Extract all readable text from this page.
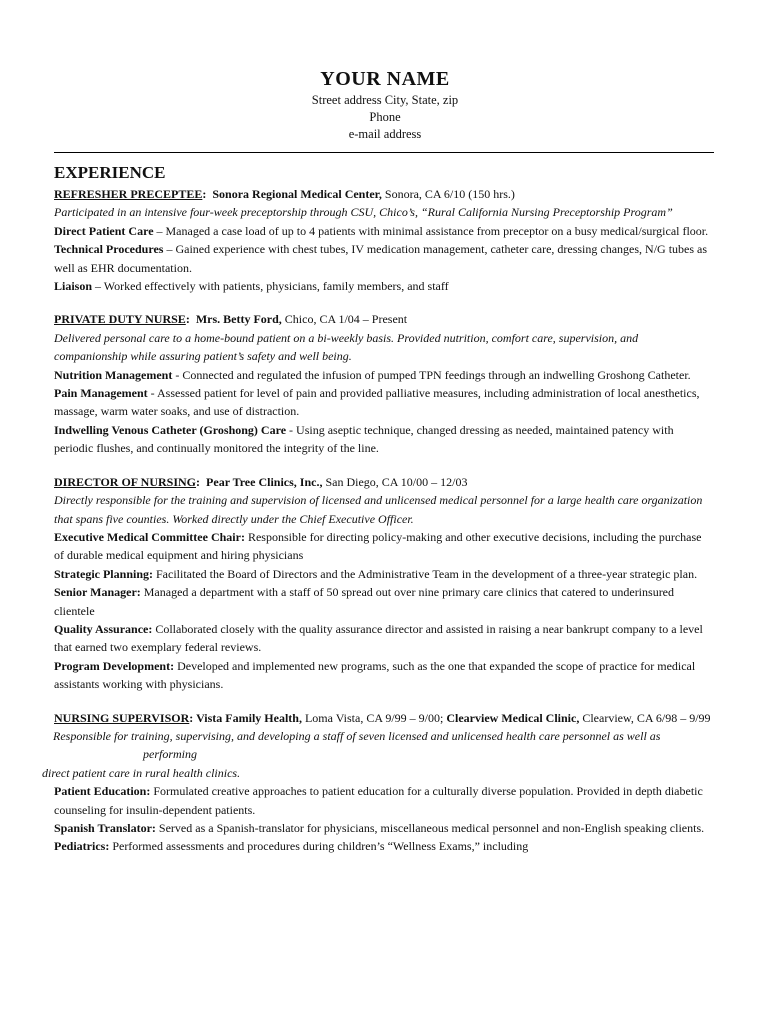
YOUR NAME
Street address City, State, zip
Phone
e-mail address
EXPERIENCE

REFRESHER PRECEPTEE:  Sonora Regional Medical Center, Sonora, CA 6/10 (150 hrs.)

Participated in an intensive four-week preceptorship through CSU, Chico’s, “Rural California Nursing Preceptorship Program”

Direct Patient Care – Managed a case load of up to 4 patients with minimal assistance from preceptor on a busy medical/surgical floor.

Technical Procedures – Gained experience with chest tubes, IV medication management, catheter care, dressing changes, N/G tubes as well as EHR documentation.

Liaison – Worked effectively with patients, physicians, family members, and staff

PRIVATE DUTY NURSE:  Mrs. Betty Ford, Chico, CA 1/04 – Present

Delivered personal care to a home-bound patient on a bi-weekly basis. Provided nutrition, comfort care, supervision, and companionship while assuring patient’s safety and well being.

Nutrition Management - Connected and regulated the infusion of pumped TPN feedings through an indwelling Groshong Catheter.

Pain Management - Assessed patient for level of pain and provided palliative measures, including administration of local anesthetics, massage, warm water soaks, and use of distraction.

Indwelling Venous Catheter (Groshong) Care - Using aseptic technique, changed dressing as needed, maintained patency with periodic flushes, and continually monitored the integrity of the line.

DIRECTOR OF NURSING:  Pear Tree Clinics, Inc., San Diego, CA 10/00 – 12/03

Directly responsible for the training and supervision of licensed and unlicensed medical personnel for a large health care organization that spans five counties. Worked directly under the Chief Executive Officer.

Executive Medical Committee Chair: Responsible for directing policy-making and other executive decisions, including the purchase of durable medical equipment and hiring physicians

Strategic Planning: Facilitated the Board of Directors and the Administrative Team in the development of a three-year strategic plan.

Senior Manager: Managed a department with a staff of 50 spread out over nine primary care clinics that catered to underinsured clientele

Quality Assurance: Collaborated closely with the quality assurance director and assisted in raising a near bankrupt company to a level that earned two exemplary federal reviews.

Program Development: Developed and implemented new programs, such as the one that expanded the scope of practice for medical assistants working with physicians.

NURSING SUPERVISOR: Vista Family Health, Loma Vista, CA 9/99 – 9/00; Clearview Medical Clinic, Clearview, CA 6/98 – 9/99

Responsible for training, supervising, and developing a staff of seven licensed and unlicensed health care personnel as well as
performing

direct patient care in rural health clinics.

Patient Education: Formulated creative approaches to patient education for a culturally diverse population. Provided in depth diabetic counseling for insulin-dependent patients.

Spanish Translator: Served as a Spanish-translator for physicians, miscellaneous medical personnel and non-English speaking clients.

Pediatrics: Performed assessments and procedures during children’s “Wellness Exams,” including
